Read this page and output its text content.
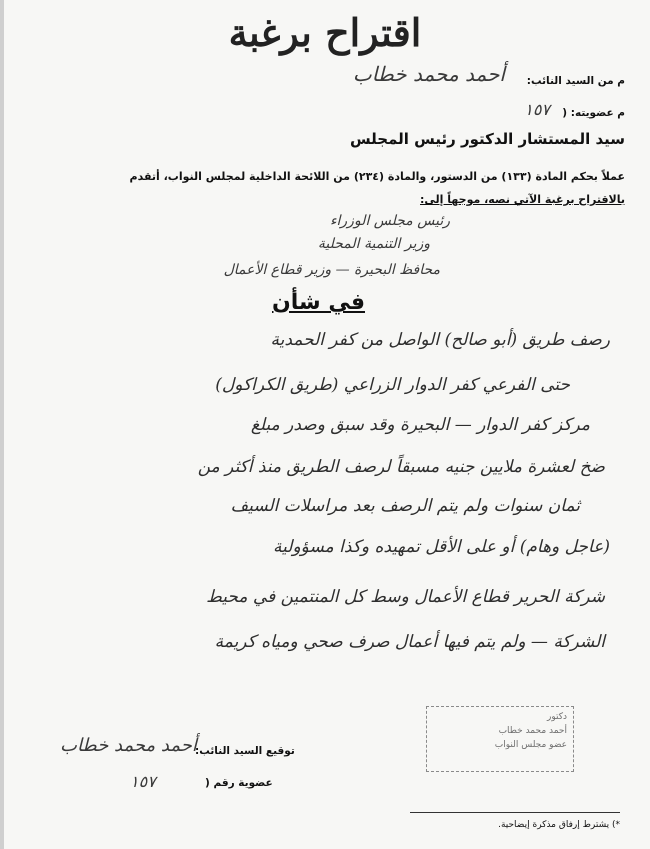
اقتراح برغبة
م من السيد النائب:
أحمد محمد خطاب
م عضويته: (
١٥٧
سيد المستشار الدكتور رئيس المجلس
عملاً بحكم المادة (١٣٣) من الدستور، والمادة (٢٣٤) من اللائحة الداخلية لمجلس النواب، أتقدم
بالاقتراح برغبة الآتي نصه، موجهاً إلى:
رئيس مجلس الوزراء
وزير التنمية المحلية
محافظ البحيرة — وزير قطاع الأعمال
في شأن
رصف طريق (أبو صالح) الواصل من كفر الحمدية
حتى الفرعي كفر الدوار الزراعي (طريق الكراكول)
مركز كفر الدوار — البحيرة وقد سبق وصدر مبلغ
ضخ لعشرة ملايين جنيه مسبقاً لرصف الطريق منذ أكثر من
ثمان سنوات ولم يتم الرصف بعد مراسلات السيف
(عاجل وهام) أو على الأقل تمهيده وكذا مسؤولية
شركة الحرير قطاع الأعمال وسط كل المنتمين في محيط
الشركة — ولم يتم فيها أعمال صرف صحي ومياه كريمة
توقيع السيد النائب:
أحمد محمد خطاب
عضوية رقم (
١٥٧
دكتور
أحمد محمد خطاب
عضو مجلس النواب
*) يشترط إرفاق مذكرة إيضاحية.
